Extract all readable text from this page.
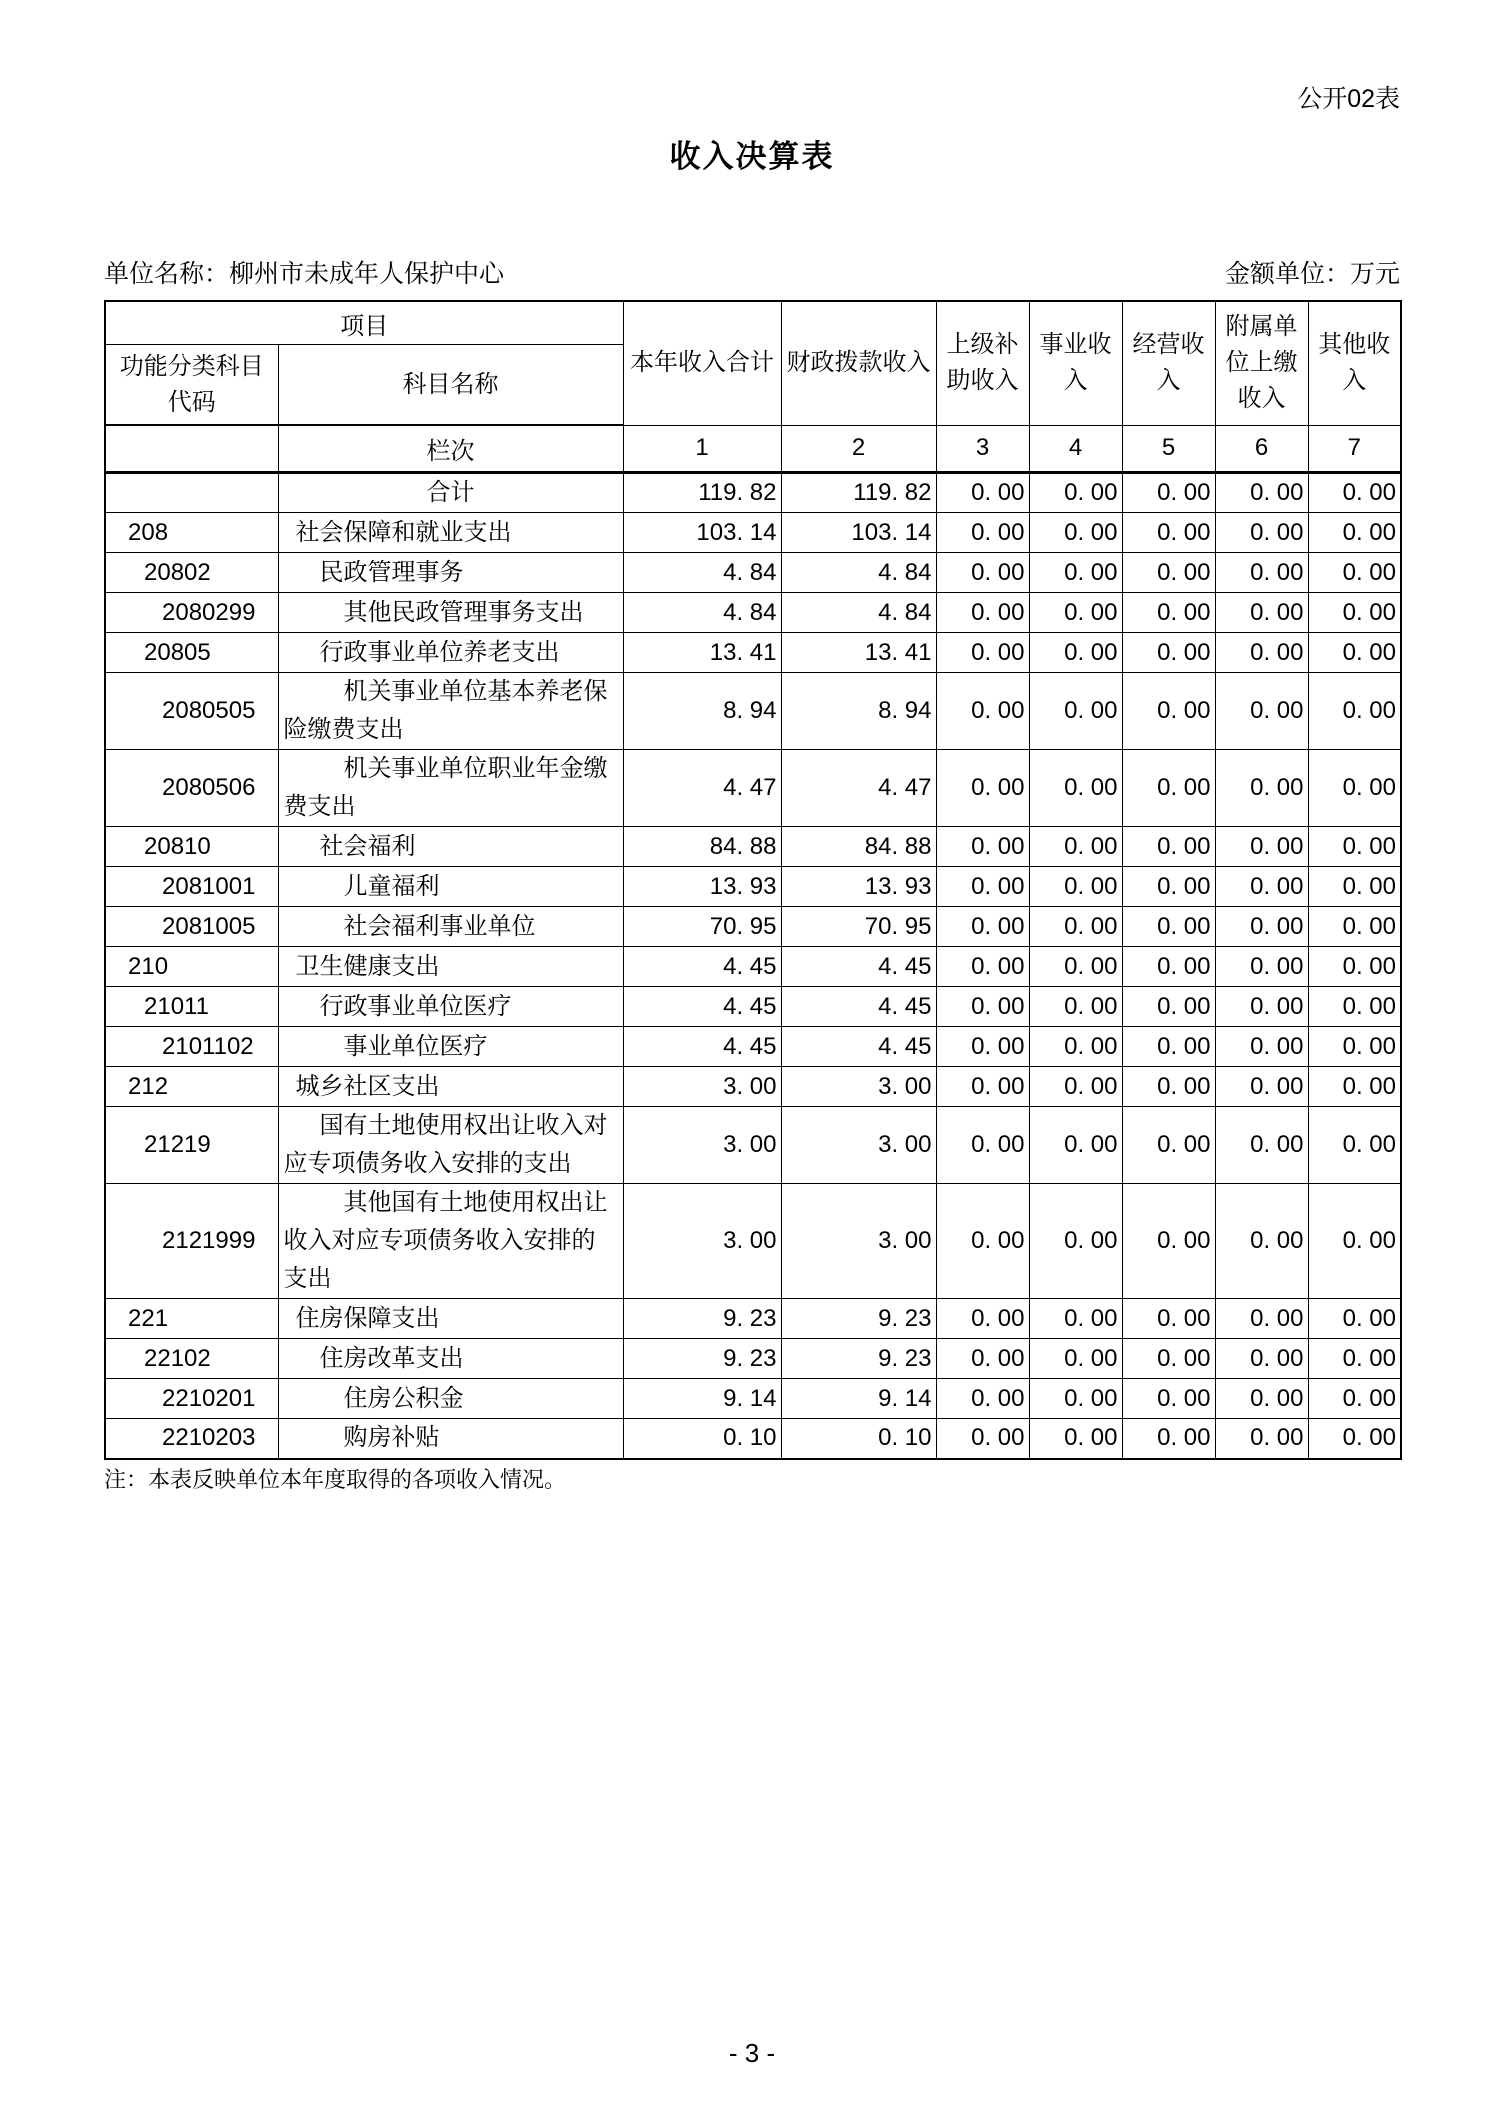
公开02表
收入决算表
单位名称：柳州市未成年人保护中心	金额单位：万元
项目		本年收入合计	财政拨款收入	上级补助收入	事业收入	经营收入	附属单位上缴收入	其他收入
功能分类科目代码	科目名称							
	栏次	1	2	3	4	5	6	7
	合计	119. 82	119. 82	0. 00	0. 00	0. 00	0. 00	0. 00
208	社会保障和就业支出	103. 14	103. 14	0. 00	0. 00	0. 00	0. 00	0. 00
20802	民政管理事务	4. 84	4. 84	0. 00	0. 00	0. 00	0. 00	0. 00
2080299	其他民政管理事务支出	4. 84	4. 84	0. 00	0. 00	0. 00	0. 00	0. 00
20805	行政事业单位养老支出	13. 41	13. 41	0. 00	0. 00	0. 00	0. 00	0. 00
2080505	机关事业单位基本养老保险缴费支出	8. 94	8. 94	0. 00	0. 00	0. 00	0. 00	0. 00
2080506	机关事业单位职业年金缴费支出	4. 47	4. 47	0. 00	0. 00	0. 00	0. 00	0. 00
20810	社会福利	84. 88	84. 88	0. 00	0. 00	0. 00	0. 00	0. 00
2081001	儿童福利	13. 93	13. 93	0. 00	0. 00	0. 00	0. 00	0. 00
2081005	社会福利事业单位	70. 95	70. 95	0. 00	0. 00	0. 00	0. 00	0. 00
210	卫生健康支出	4. 45	4. 45	0. 00	0. 00	0. 00	0. 00	0. 00
21011	行政事业单位医疗	4. 45	4. 45	0. 00	0. 00	0. 00	0. 00	0. 00
2101102	事业单位医疗	4. 45	4. 45	0. 00	0. 00	0. 00	0. 00	0. 00
212	城乡社区支出	3. 00	3. 00	0. 00	0. 00	0. 00	0. 00	0. 00
21219	国有土地使用权出让收入对应专项债务收入安排的支出	3. 00	3. 00	0. 00	0. 00	0. 00	0. 00	0. 00
2121999	其他国有土地使用权出让收入对应专项债务收入安排的支出	3. 00	3. 00	0. 00	0. 00	0. 00	0. 00	0. 00
221	住房保障支出	9. 23	9. 23	0. 00	0. 00	0. 00	0. 00	0. 00
22102	住房改革支出	9. 23	9. 23	0. 00	0. 00	0. 00	0. 00	0. 00
2210201	住房公积金	9. 14	9. 14	0. 00	0. 00	0. 00	0. 00	0. 00
2210203	购房补贴	0. 10	0. 10	0. 00	0. 00	0. 00	0. 00	0. 00
注：本表反映单位本年度取得的各项收入情况。
- 3 -
